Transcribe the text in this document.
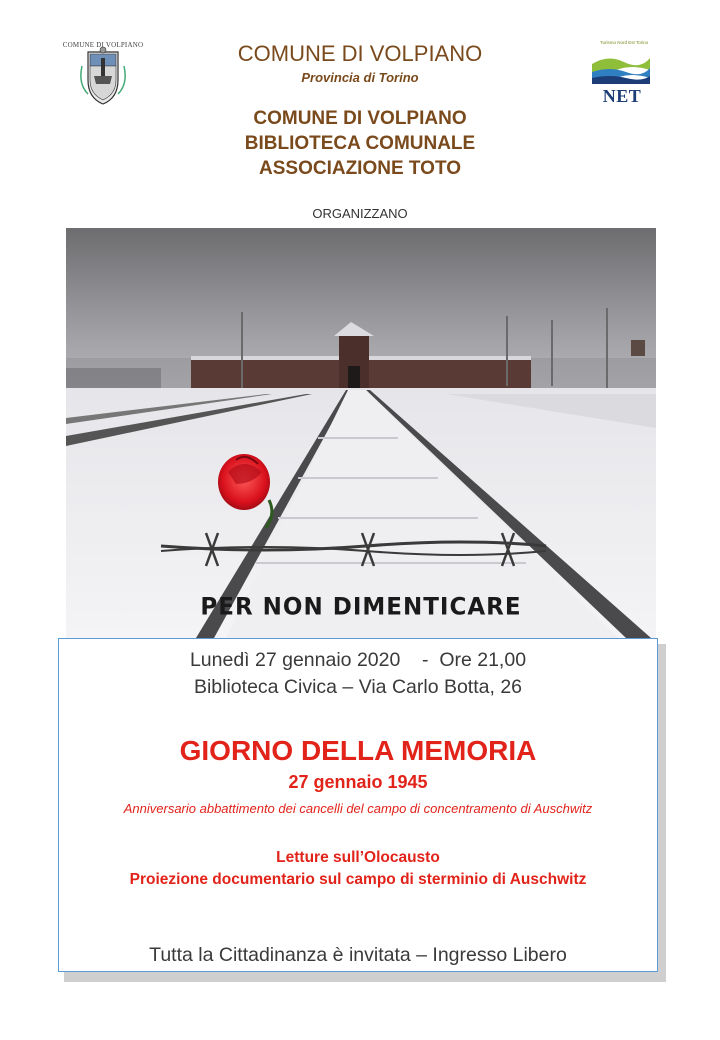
COMUNE DI VOLPIANO	Turismo Nord Est Torino
NET
COMUNE DI VOLPIANO
Provincia di Torino
COMUNE DI VOLPIANO
BIBLIOTECA COMUNALE
ASSOCIAZIONE TOTO
ORGANIZZANO
PER NON DIMENTICARE
Lunedì 27 gennaio 2020    -  Ore 21,00
Biblioteca Civica – Via Carlo Botta, 26
GIORNO DELLA MEMORIA
27 gennaio 1945
Anniversario abbattimento dei cancelli del campo di concentramento di Auschwitz
Letture sull’Olocausto
Proiezione documentario sul campo di sterminio di Auschwitz
Tutta la Cittadinanza è invitata – Ingresso Libero
